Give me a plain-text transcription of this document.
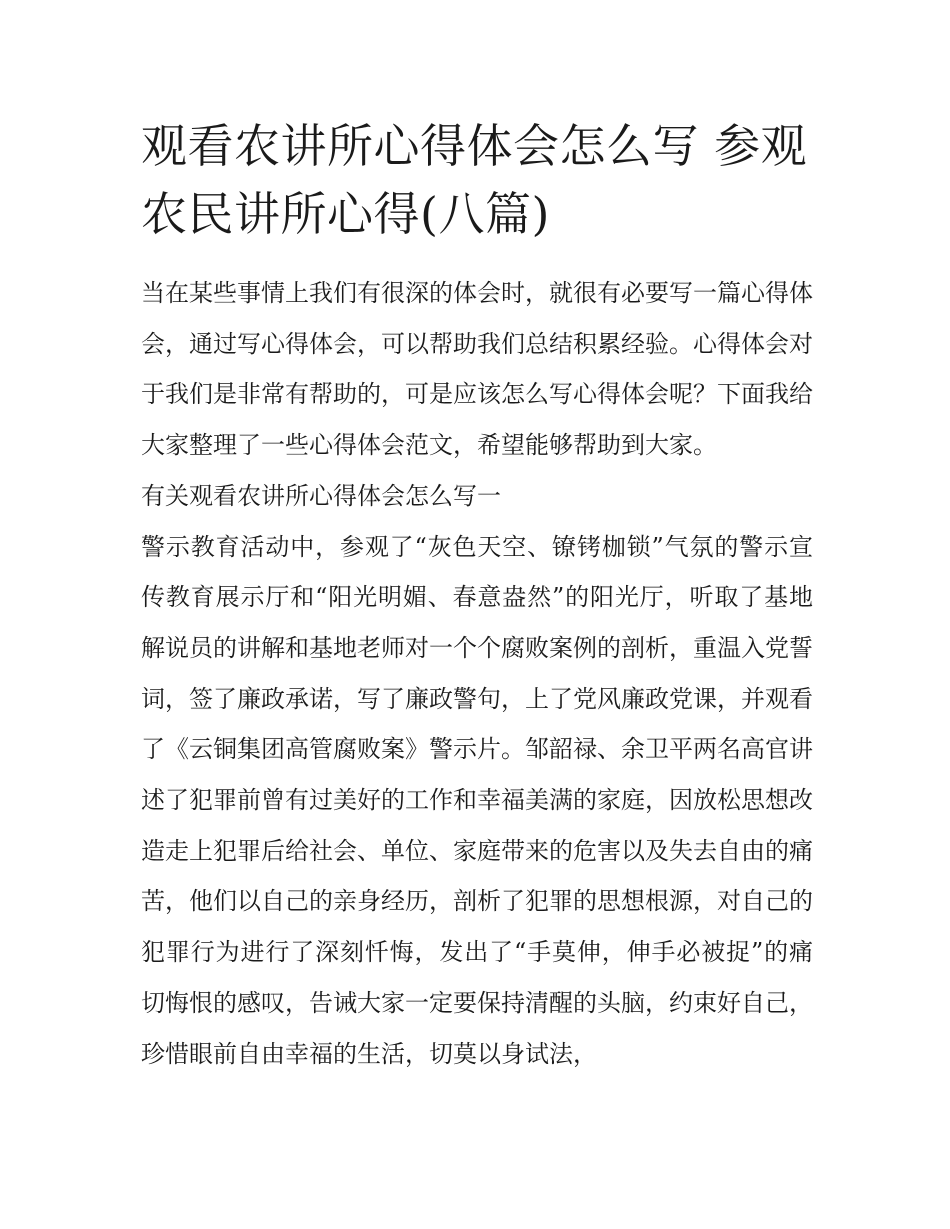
观看农讲所心得体会怎么写 参观农民讲所心得(八篇)

当在某些事情上我们有很深的体会时，就很有必要写一篇心得体会，通过写心得体会，可以帮助我们总结积累经验。心得体会对于我们是非常有帮助的，可是应该怎么写心得体会呢？下面我给大家整理了一些心得体会范文，希望能够帮助到大家。

有关观看农讲所心得体会怎么写一

警示教育活动中，参观了“灰色天空、镣铐枷锁”气氛的警示宣传教育展示厅和“阳光明媚、春意盎然”的阳光厅，听取了基地解说员的讲解和基地老师对一个个腐败案例的剖析，重温入党誓词，签了廉政承诺，写了廉政警句，上了党风廉政党课，并观看了《云铜集团高管腐败案》警示片。邹韶禄、余卫平两名高官讲述了犯罪前曾有过美好的工作和幸福美满的家庭，因放松思想改造走上犯罪后给社会、单位、家庭带来的危害以及失去自由的痛苦，他们以自己的亲身经历，剖析了犯罪的思想根源，对自己的犯罪行为进行了深刻忏悔，发出了“手莫伸，伸手必被捉”的痛切悔恨的感叹，告诫大家一定要保持清醒的头脑，约束好自己，珍惜眼前自由幸福的生活，切莫以身试法，
